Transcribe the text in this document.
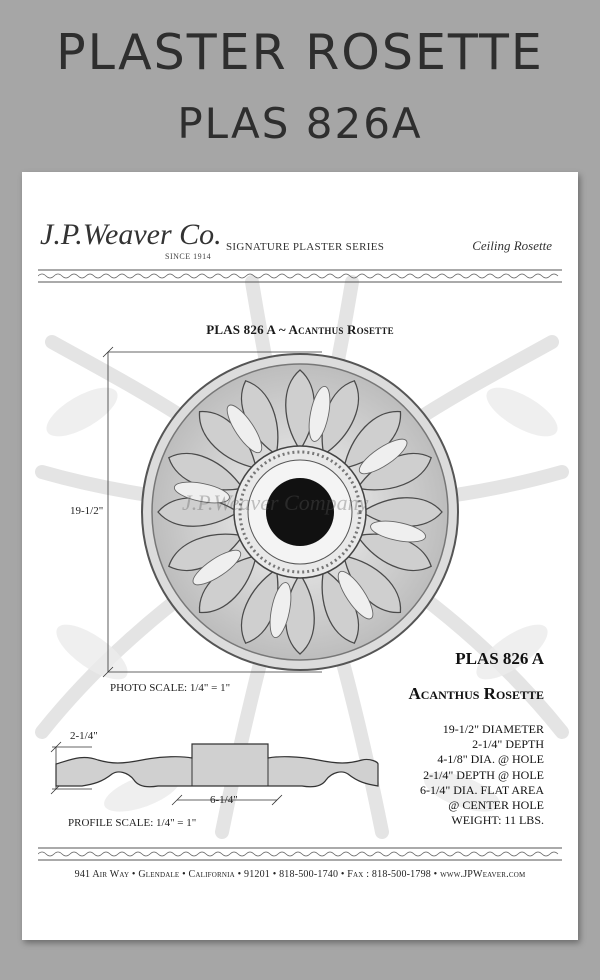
PLASTER ROSETTE
PLAS 826A
J.P.Weaver Co.
SINCE 1914
SIGNATURE PLASTER SERIES	Ceiling Rosette
PLAS 826 A ~ Acanthus Rosette
J.P.Weaver Company
19-1/2"
PHOTO SCALE: 1/4" = 1"
2-1/4"
6-1/4"
PROFILE SCALE: 1/4" = 1"
PLAS 826 A
Acanthus Rosette
19-1/2" DIAMETER
2-1/4" DEPTH
4-1/8" DIA. @ HOLE
2-1/4" DEPTH @ HOLE
6-1/4" DIA. FLAT AREA
@ CENTER HOLE
WEIGHT: 11 LBS.
941 Air Way • Glendale • California • 91201 • 818-500-1740 • Fax : 818-500-1798 • www.JPWeaver.com
